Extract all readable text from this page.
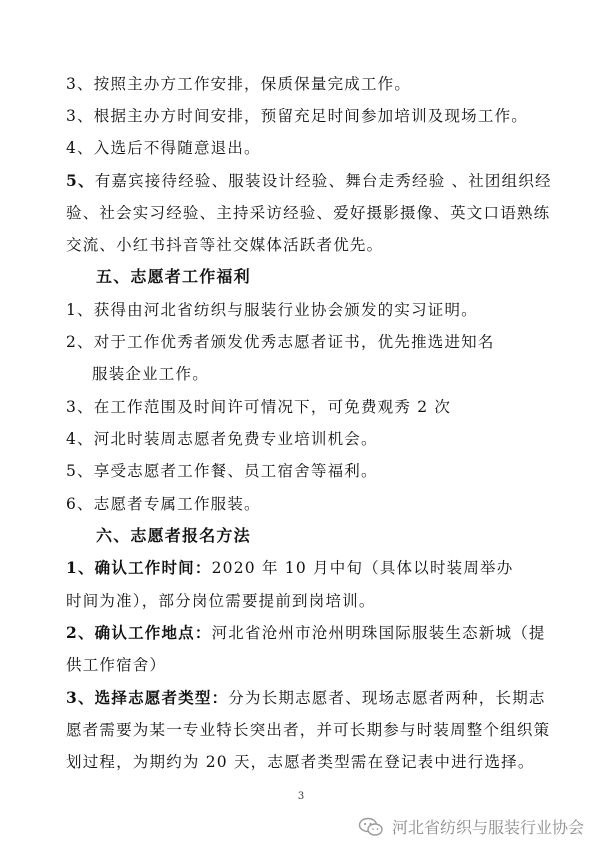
3、按照主办方工作安排，保质保量完成工作。
3、根据主办方时间安排，预留充足时间参加培训及现场工作。
4、入选后不得随意退出。
5、有嘉宾接待经验、服装设计经验、舞台走秀经验 、社团组织经
验、社会实习经验、主持采访经验、爱好摄影摄像、英文口语熟练
交流、小红书抖音等社交媒体活跃者优先。
五、志愿者工作福利
1、获得由河北省纺织与服装行业协会颁发的实习证明。
2、对于工作优秀者颁发优秀志愿者证书，优先推选进知名
服装企业工作。
3、在工作范围及时间许可情况下，可免费观秀 2 次
4、河北时装周志愿者免费专业培训机会。
5、享受志愿者工作餐、员工宿舍等福利。
6、志愿者专属工作服装。
六、志愿者报名方法
1、确认工作时间：2020 年 10 月中旬（具体以时装周举办
时间为准），部分岗位需要提前到岗培训。
2、确认工作地点：河北省沧州市沧州明珠国际服装生态新城（提
供工作宿舍）
3、选择志愿者类型：分为长期志愿者、现场志愿者两种，长期志
愿者需要为某一专业特长突出者，并可长期参与时装周整个组织策
划过程，为期约为 20 天，志愿者类型需在登记表中进行选择。
3
河北省纺织与服装行业协会
